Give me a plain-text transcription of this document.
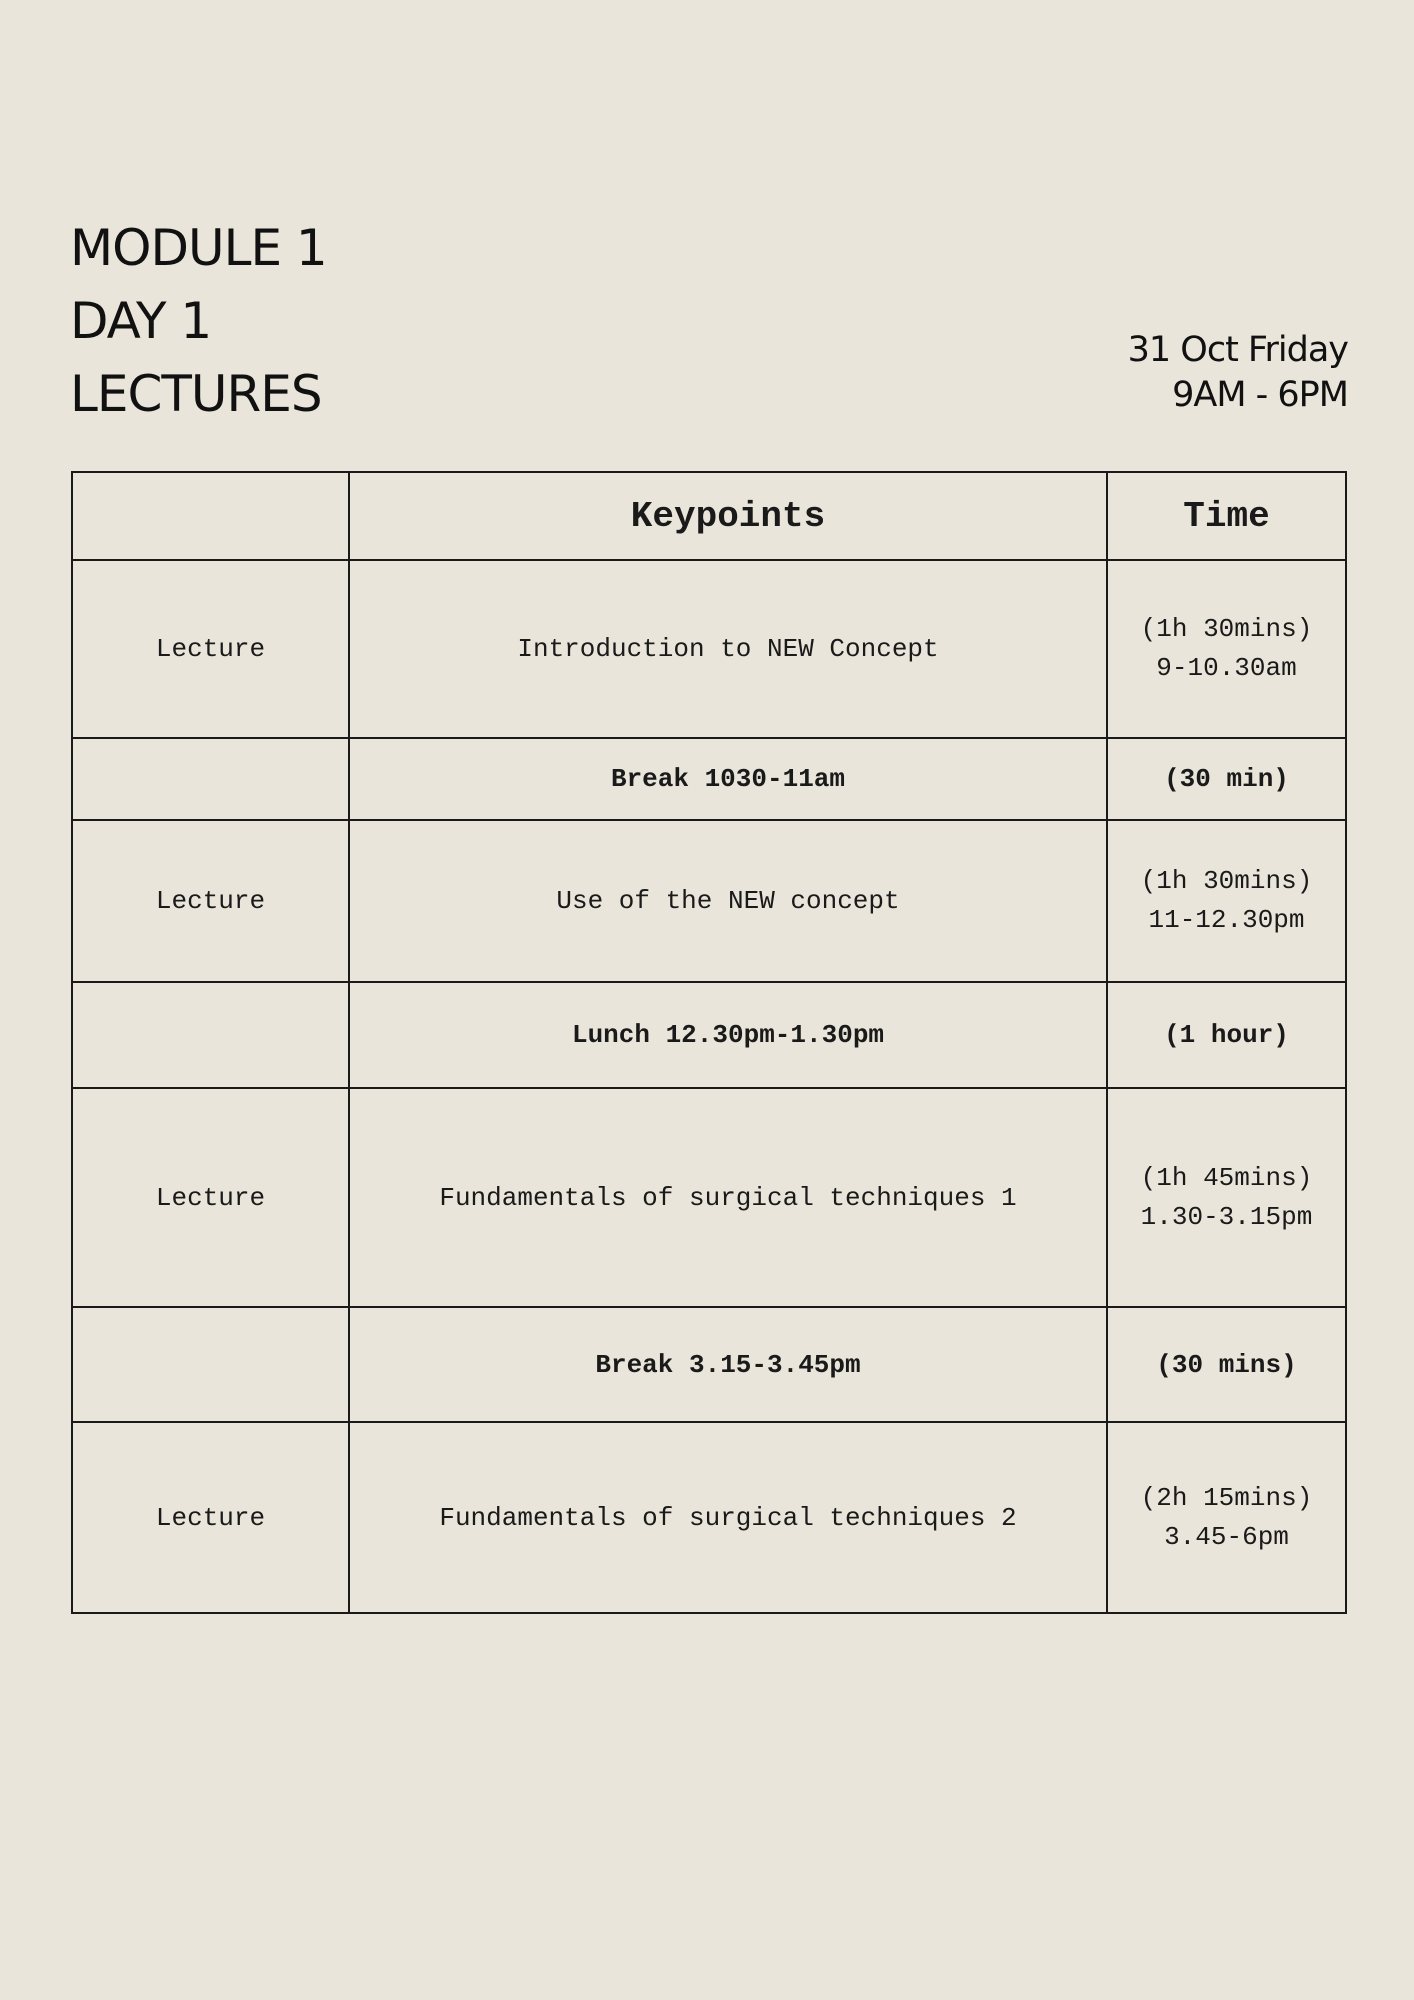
MODULE 1
DAY 1
LECTURES
31 Oct Friday
9AM - 6PM
	Keypoints	Time
Lecture	Introduction to NEW Concept	(1h 30mins)
9-10.30am

	Break 1030-11am	(30 min)
Lecture	Use of the NEW concept	(1h 30mins)
11-12.30pm

	Lunch 12.30pm-1.30pm	(1 hour)
Lecture	Fundamentals of surgical techniques 1	(1h 45mins)
1.30-3.15pm

	Break 3.15-3.45pm	(30 mins)
Lecture	Fundamentals of surgical techniques 2	(2h 15mins)
3.45-6pm
